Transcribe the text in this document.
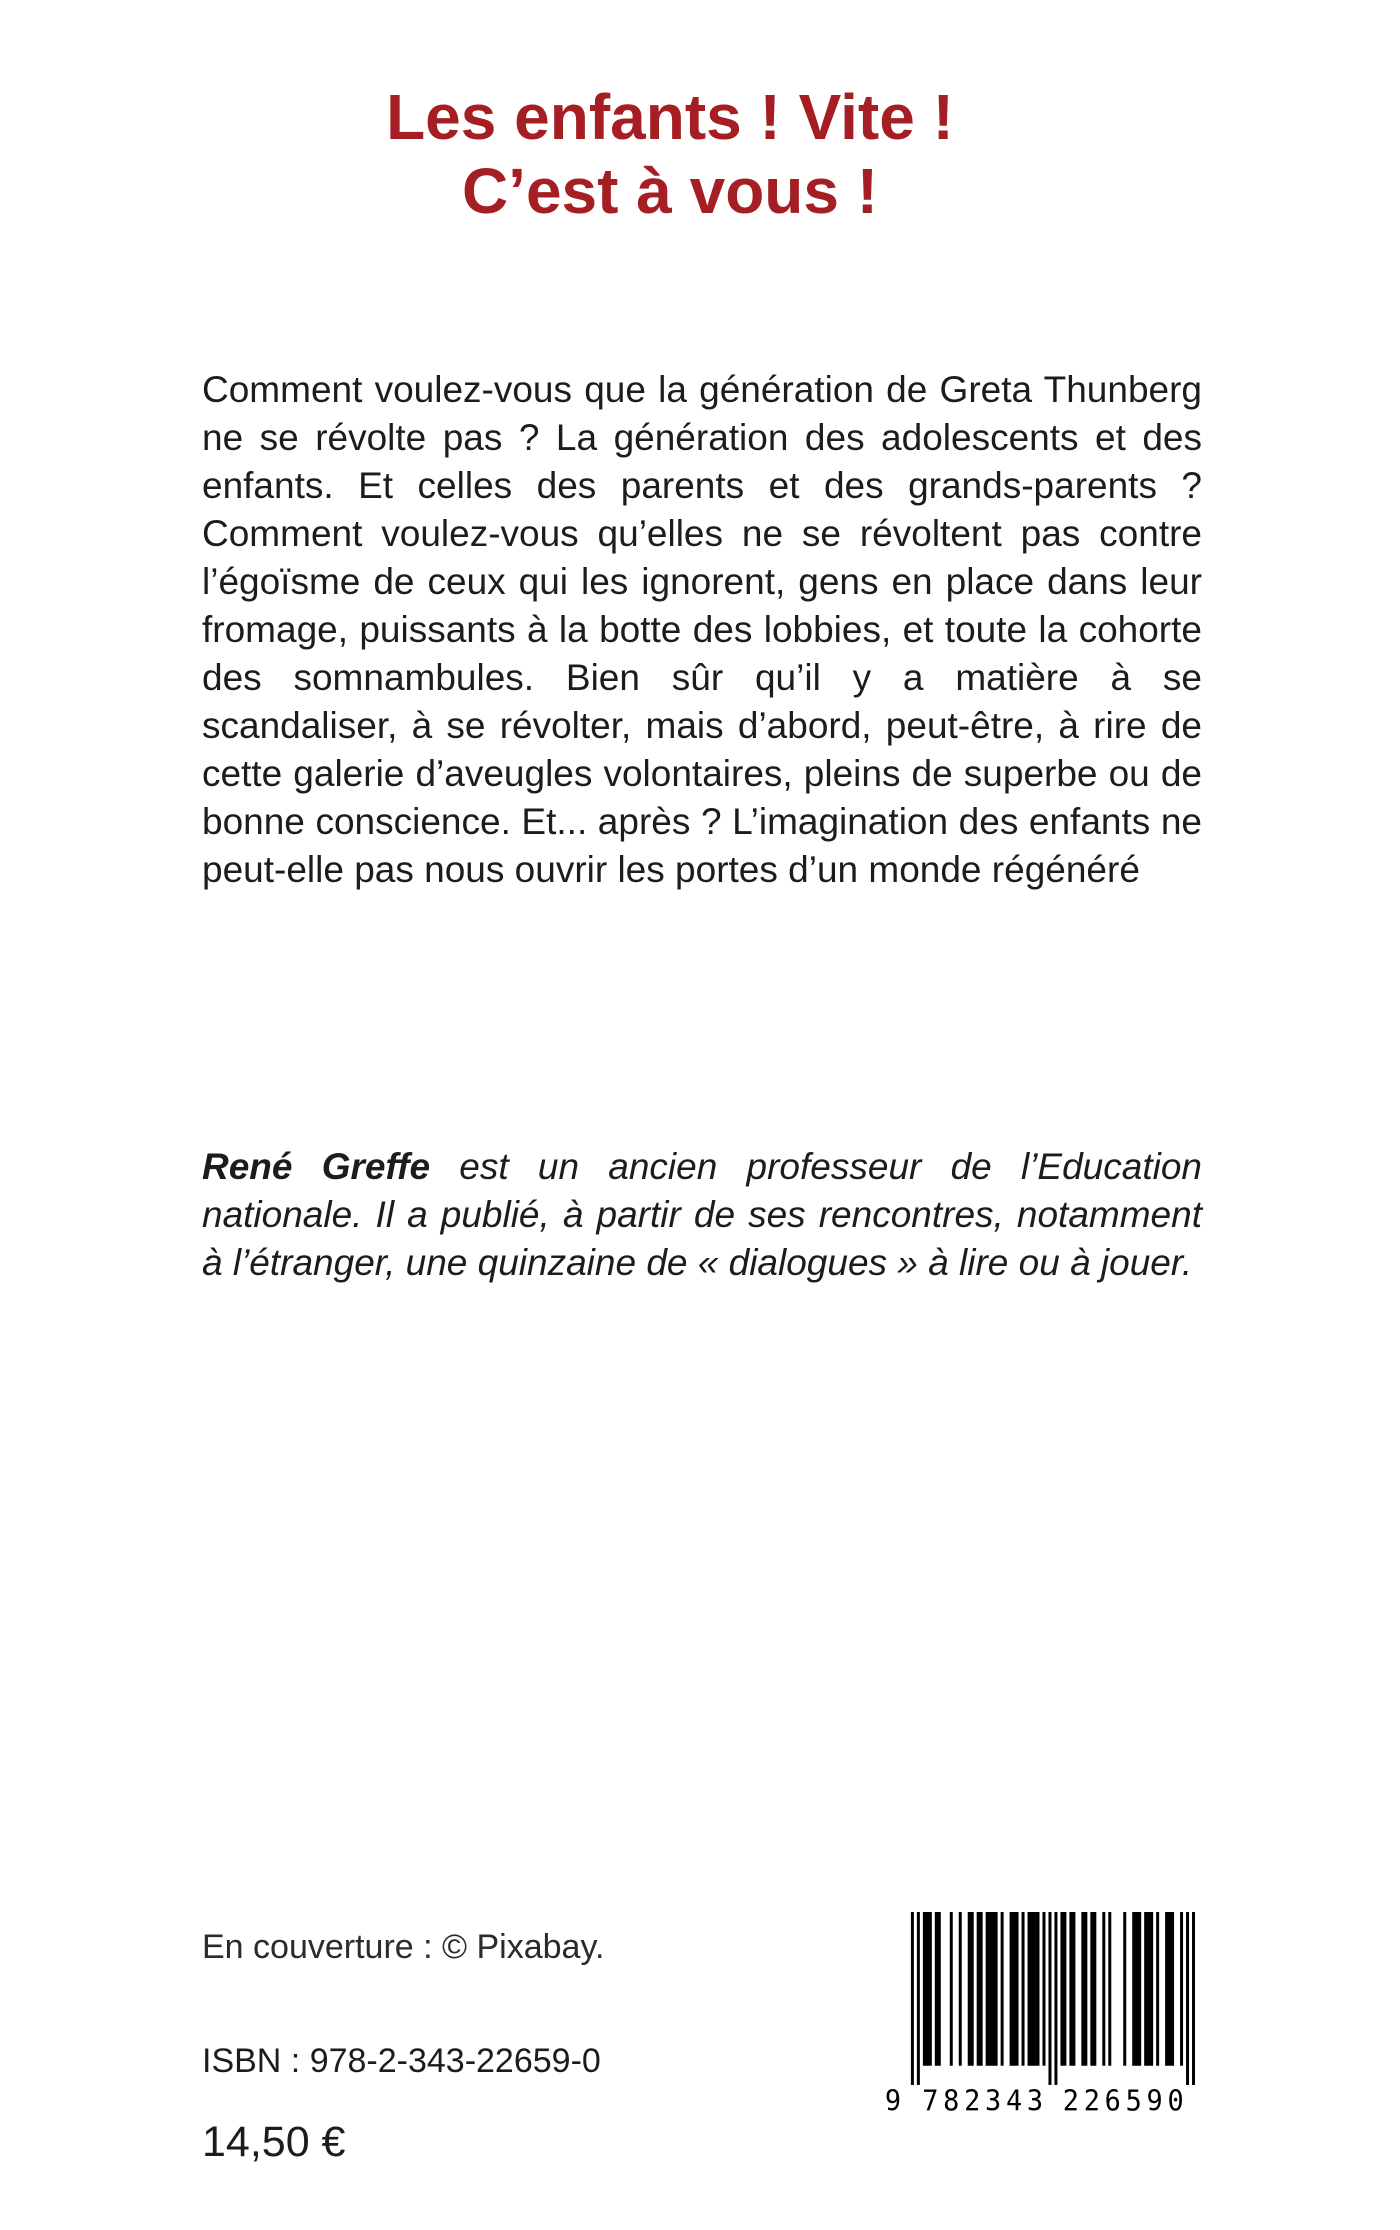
Les enfants ! Vite !
C’est à vous !

Comment voulez-vous que la génération de Greta Thunberg ne se révolte pas ? La génération des adolescents et des enfants. Et celles des parents et des grands-parents ? Comment voulez-vous qu’elles ne se révoltent pas contre l’égoïsme de ceux qui les ignorent, gens en place dans leur fromage, puissants à la botte des lobbies, et toute la cohorte des somnambules. Bien sûr qu’il y a matière à se scandaliser, à se révolter, mais d’abord, peut-être, à rire de cette galerie d’aveugles volontaires, pleins de superbe ou de bonne conscience. Et... après ? L’imagination des enfants ne peut-elle pas nous ouvrir les portes d’un monde régénéré

René Greffe est un ancien professeur de l’Education nationale. Il a publié, à partir de ses rencontres, notamment à l’étranger, une quinzaine de « dialogues » à lire ou à jouer.

En couverture : © Pixabay.
ISBN : 978-2-343-22659-0
14,50 €
9 7 8 2 3 4 3 2 2 6 5 9 0
